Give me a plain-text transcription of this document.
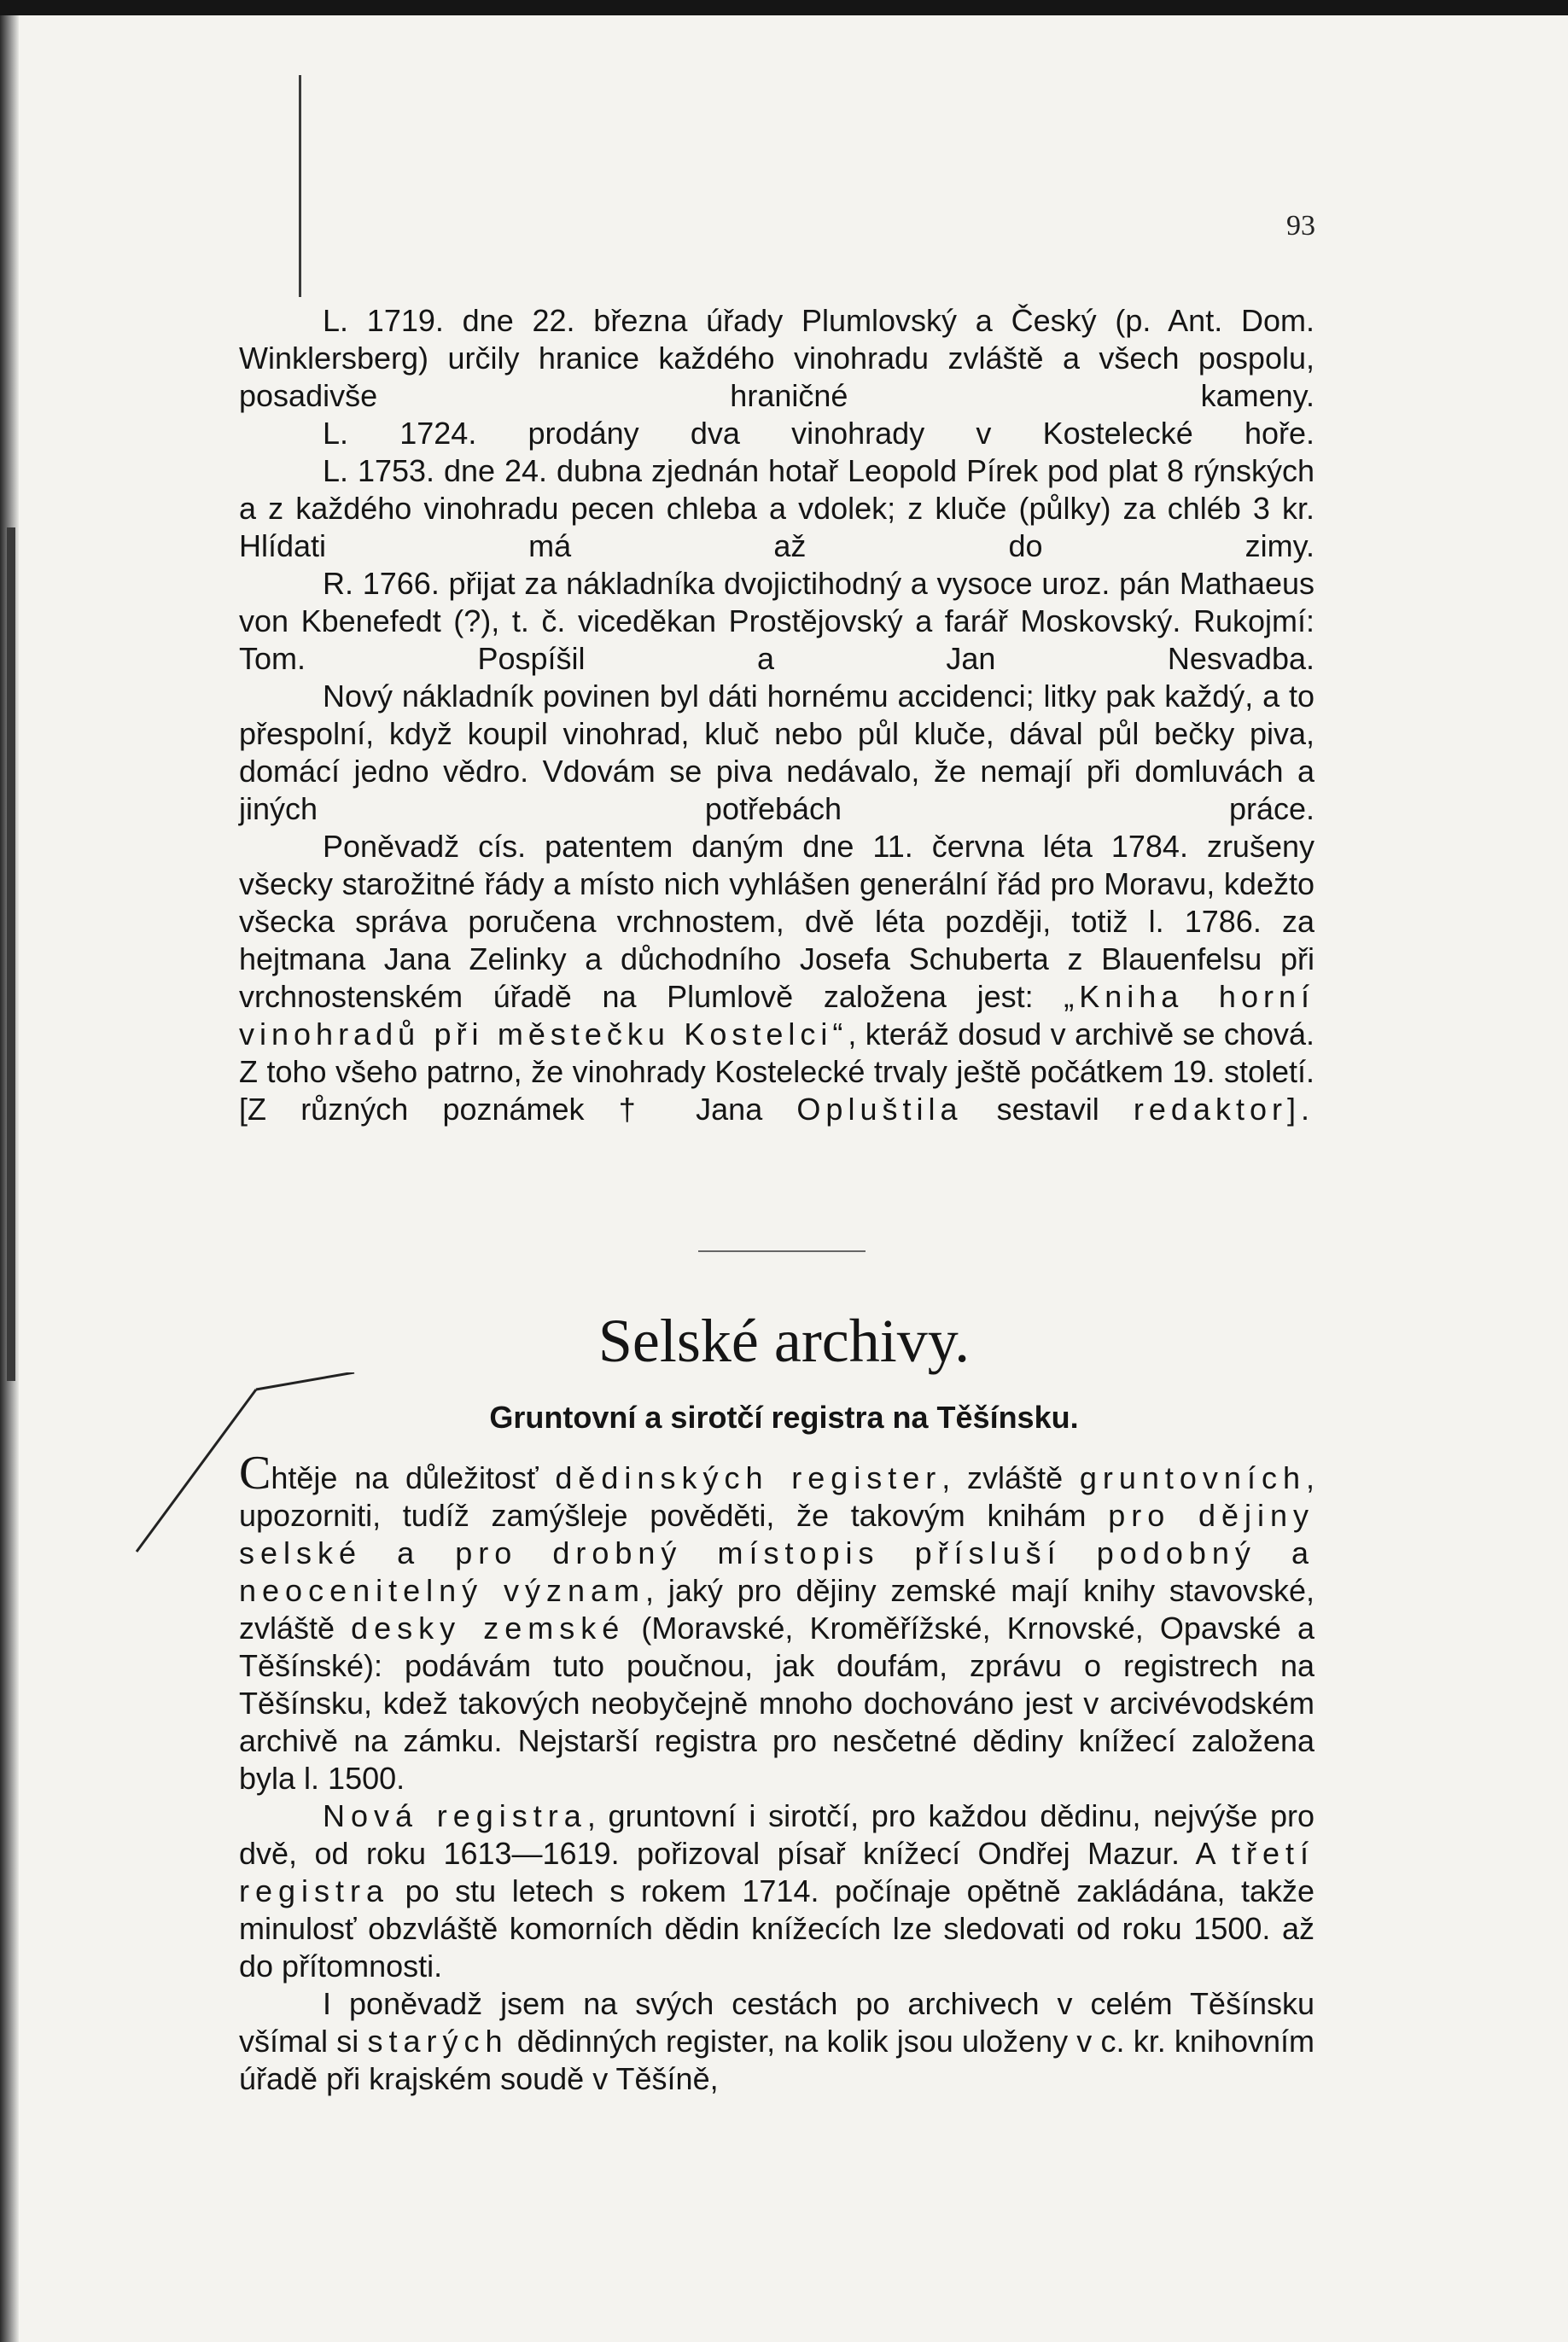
93

L. 1719. dne 22. března úřady Plumlovský a Český (p. Ant. Dom. Winklersberg) určily hranice každého vinohradu zvláště a všech pospolu, posadivše hraničné kameny.

L. 1724. prodány dva vinohrady v Kostelecké hoře.

L. 1753. dne 24. dubna zjednán hotař Leopold Pírek pod plat 8 rýnských a z každého vinohradu pecen chleba a vdolek; z kluče (půlky) za chléb 3 kr. Hlídati má až do zimy.

R. 1766. přijat za nákladníka dvojictihodný a vysoce uroz. pán Mathaeus von Kbenefedt (?), t. č. viceděkan Prostějovský a farář Moskovský. Rukojmí: Tom. Pospíšil a Jan Nesvadba.

Nový nákladník povinen byl dáti hornému accidenci; litky pak každý, a to přespolní, když koupil vinohrad, kluč nebo půl kluče, dával půl bečky piva, domácí jedno vědro. Vdovám se piva nedávalo, že nemají při domluvách a jiných potřebách práce.

Poněvadž cís. patentem daným dne 11. června léta 1784. zrušeny všecky starožitné řády a místo nich vyhlášen generální řád pro Moravu, kdežto všecka správa poručena vrchnostem, dvě léta později, totiž l. 1786. za hejtmana Jana Zelinky a důchodního Josefa Schuberta z Blauenfelsu při vrchnostenském úřadě na Plumlově založena jest: „Kniha horní vinohradů při městečku Kostelci“, kteráž dosud v archivě se chová. Z toho všeho patrno, že vinohrady Kostelecké trvaly ještě počátkem 19. století. [Z různých poznámek † Jana Opluštila sestavil redaktor].

Selské archivy.
Gruntovní a sirotčí registra na Těšínsku.

Chtěje na důležitosť dědinských register, zvláště gruntovních, upozorniti, tudíž zamýšleje pověděti, že takovým knihám pro dějiny selské a pro drobný místopis přísluší podobný a neocenitelný význam, jaký pro dějiny zemské mají knihy stavovské, zvláště desky zemské (Moravské, Kroměřížské, Krnovské, Opavské a Těšínské): podávám tuto poučnou, jak doufám, zprávu o registrech na Těšínsku, kdež takových neobyčejně mnoho dochováno jest v arcivévodském archivě na zámku. Nejstarší registra pro nesčetné dědiny knížecí založena byla l. 1500.

Nová registra, gruntovní i sirotčí, pro každou dědinu, nejvýše pro dvě, od roku 1613—1619. pořizoval písař knížecí Ondřej Mazur. A třetí registra po stu letech s rokem 1714. počínaje opětně zakládána, takže minulosť obzvláště komorních dědin knížecích lze sledovati od roku 1500. až do přítomnosti.

I poněvadž jsem na svých cestách po archivech v celém Těšínsku všímal si starých dědinných register, na kolik jsou uloženy v c. kr. knihovním úřadě při krajském soudě v Těšíně,
